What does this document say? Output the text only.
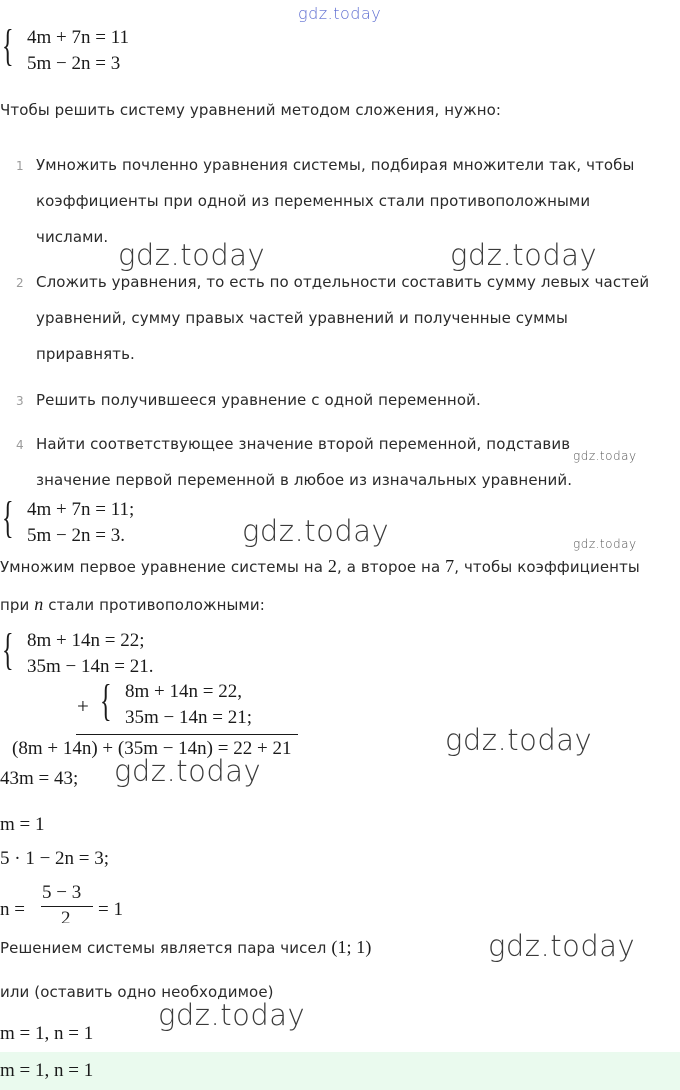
gdz.today
{ 4m + 7n = 11
5m − 2n = 3
Чтобы решить систему уравнений методом сложения, нужно:
1 Умножить почленно уравнения системы, подбирая множители так, чтобы
коэффициенты при одной из переменных стали противоположными
числами.
gdz.today	gdz.today
2 Сложить уравнения, то есть по отдельности составить сумму левых частей
уравнений, сумму правых частей уравнений и полученные суммы
приравнять.
3 Решить получившееся уравнение с одной переменной.
4 Найти соответствующее значение второй переменной, подставив
gdz.today
значение первой переменной в любое из изначальных уравнений.
{ 4m + 7n = 11;
5m − 2n = 3.	gdz.today	gdz.today
Умножим первое уравнение системы на 2, а второе на 7, чтобы коэффициенты
при n стали противоположными:
{ 8m + 14n = 22;
35m − 14n = 21.
+ { 8m + 14n = 22,
35m − 14n = 21;
(8m + 14n) + (35m − 14n) = 22 + 21	gdz.today
43m = 43; gdz.today
m = 1
5 · 1 − 2n = 3;
n =
5 − 3
2 = 1
Решением системы является пара чисел (1; 1)	gdz.today
или (оставить одно необходимое)
gdz.today
m = 1, n = 1
m = 1, n = 1
